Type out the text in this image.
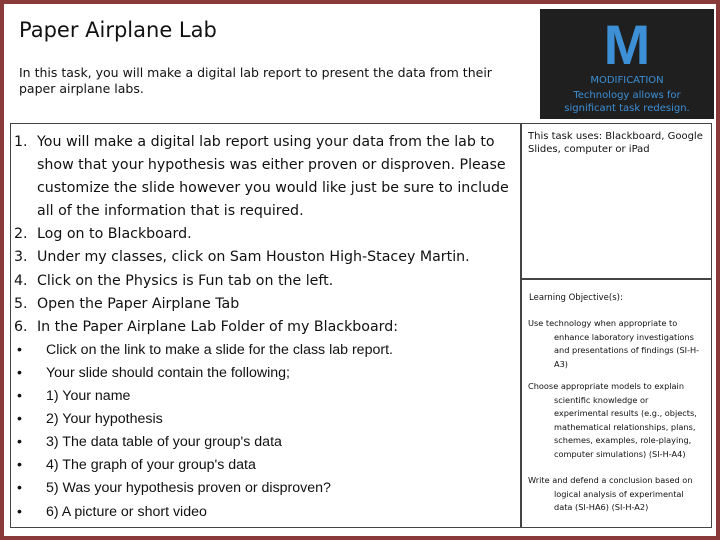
Paper Airplane Lab
In this task, you will make a digital lab report to present the data from their paper airplane labs.
1. You will make a digital lab report using your data from the lab to show that your hypothesis was either proven or disproven. Please customize the slide however you would like just be sure to include all of the information that is required.
2. Log on to Blackboard.
3. Under my classes, click on Sam Houston High-Stacey Martin.
4. Click on the Physics is Fun tab on the left.
5. Open the Paper Airplane Tab
6. In the Paper Airplane Lab Folder of my Blackboard:
• Click on the link to make a slide for the class lab report.
• Your slide should contain the following;
• 1) Your name
• 2) Your hypothesis
• 3) The data table of your group's data
• 4) The graph of your group's data
• 5) Was your hypothesis proven or disproven?
• 6) A picture or short video
M
MODIFICATION
Technology allows for
significant task redesign.
This task uses: Blackboard, Google Slides, computer or iPad
Learning Objective(s):
Use technology when appropriate to
enhance laboratory investigations
and presentations of findings (SI-H-
A3)
Choose appropriate models to explain
scientific knowledge or
experimental results (e.g., objects,
mathematical relationships, plans,
schemes, examples, role-playing,
computer simulations) (SI-H-A4)
Write and defend a conclusion based on
logical analysis of experimental
data (SI-HA6) (SI-H-A2)
